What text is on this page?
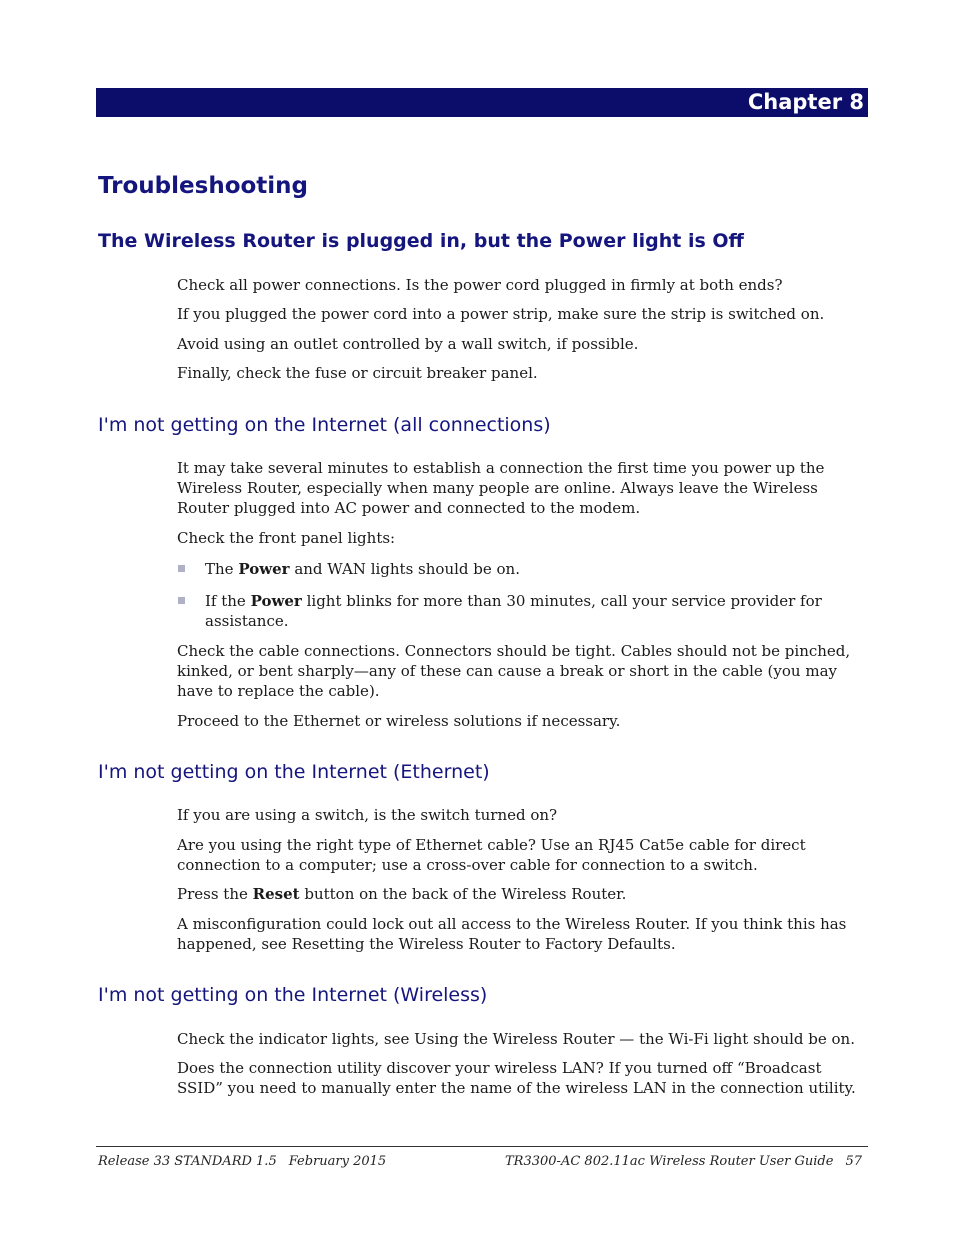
Chapter 8
Troubleshooting
The Wireless Router is plugged in, but the Power light is Off

Check all power connections. Is the power cord plugged in firmly at both ends?

If you plugged the power cord into a power strip, make sure the strip is switched on.

Avoid using an outlet controlled by a wall switch, if possible.

Finally, check the fuse or circuit breaker panel.

I'm not getting on the Internet (all connections)

It may take several minutes to establish a connection the first time you power up the Wireless Router, especially when many people are online. Always leave the Wireless Router plugged into AC power and connected to the modem.

Check the front panel lights:

The Power and WAN lights should be on.
If the Power light blinks for more than 30 minutes, call your service provider for assistance.

Check the cable connections. Connectors should be tight. Cables should not be pinched, kinked, or bent sharply—any of these can cause a break or short in the cable (you may have to replace the cable).

Proceed to the Ethernet or wireless solutions if necessary.

I'm not getting on the Internet (Ethernet)

If you are using a switch, is the switch turned on?

Are you using the right type of Ethernet cable? Use an RJ45 Cat5e cable for direct connection to a computer; use a cross-over cable for connection to a switch.

Press the Reset button on the back of the Wireless Router.

A misconfiguration could lock out all access to the Wireless Router. If you think this has happened, see Resetting the Wireless Router to Factory Defaults.

I'm not getting on the Internet (Wireless)

Check the indicator lights, see Using the Wireless Router — the Wi-Fi light should be on.

Does the connection utility discover your wireless LAN? If you turned off “Broadcast SSID” you need to manually enter the name of the wireless LAN in the connection utility.

Release 33 STANDARD 1.5 February 2015	TR3300-AC 802.11ac Wireless Router User Guide 57
